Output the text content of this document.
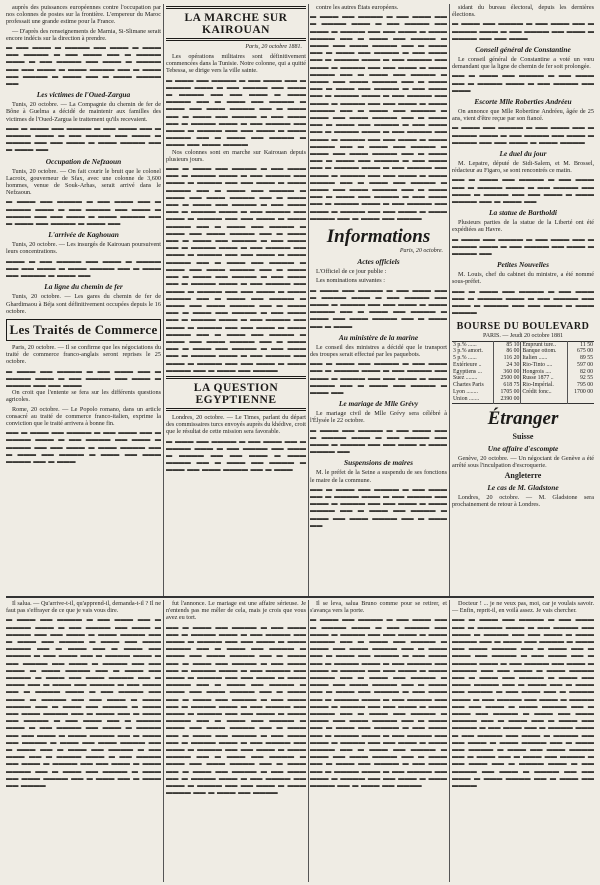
auprès des puissances européennes contre l'occupation par nos colonnes de postes sur la frontière. L'empereur du Maroc professait une grande estime pour la France.

— D'après des renseignements de Marnia, Si-Slimane serait encore indécis sur la direction à prendre.

▬ ▬▬ ▬▬▬ ▬ ▬▬▬▬ ▬▬ ▬▬▬ ▬ ▬▬▬ ▬▬ ▬▬▬▬ ▬ ▬▬ ▬▬▬ ▬▬ ▬ ▬▬▬▬ ▬▬▬ ▬ ▬▬ ▬▬▬▬ ▬▬ ▬▬▬ ▬ ▬▬▬▬ ▬▬ ▬▬ ▬▬▬ ▬ ▬▬▬ ▬▬▬▬ ▬▬ ▬ ▬▬▬ ▬▬ ▬▬▬▬ ▬ ▬▬▬ ▬▬ ▬ ▬▬▬ ▬▬▬▬ ▬▬
Les victimes de l'Oued-Zargua

Tunis, 20 octobre. — La Compagnie du chemin de fer de Bône à Guelma a décidé de maintenir aux familles des victimes de l'Oued-Zargua le traitement qu'ils recevaient.

▬▬ ▬ ▬▬▬ ▬▬ ▬▬▬▬ ▬ ▬▬ ▬▬▬ ▬▬ ▬ ▬▬▬▬ ▬▬▬ ▬ ▬▬ ▬▬▬▬ ▬▬ ▬▬▬ ▬ ▬▬▬▬ ▬▬ ▬▬ ▬▬▬ ▬ ▬▬▬ ▬▬▬▬ ▬▬ ▬ ▬▬▬ ▬▬
Occupation de Nefzaoun

Tunis, 20 octobre. — On fait courir le bruit que le colonel Lacroix, gouverneur de Sfax, avec une colonne de 3,600 hommes, venue de Souk-Arhas, serait arrivé dans le Nefzaoun.

▬ ▬▬▬ ▬▬ ▬▬▬▬ ▬ ▬▬ ▬▬▬ ▬▬ ▬ ▬▬▬▬ ▬▬▬ ▬ ▬▬ ▬▬▬▬ ▬▬ ▬▬▬ ▬ ▬▬▬▬ ▬▬ ▬▬ ▬▬▬ ▬ ▬▬▬ ▬▬▬▬ ▬▬ ▬ ▬▬▬ ▬▬ ▬▬▬▬ ▬ ▬▬▬ ▬▬
L'arrivée de Kaghouan

Tunis, 20 octobre. — Les insurgés de Kairouan poursuivent leurs concentrations.

▬▬▬ ▬ ▬▬ ▬▬▬▬ ▬▬ ▬▬▬ ▬ ▬▬▬▬ ▬▬ ▬▬ ▬▬▬ ▬ ▬▬▬ ▬▬▬▬ ▬▬ ▬ ▬▬▬ ▬▬ ▬▬▬▬ ▬ ▬▬▬ ▬▬
La ligne du chemin de fer

Tunis, 20 octobre. — Les gares du chemin de fer de Ghardimaou à Béja sont définitivement occupées depuis le 16 octobre.

Les Traités de Commerce

Paris, 20 octobre. — Il se confirme que les négociations du traité de commerce franco-anglais seront reprises le 25 octobre.

▬ ▬▬▬ ▬▬ ▬▬▬▬ ▬ ▬▬ ▬▬▬ ▬▬ ▬ ▬▬▬▬ ▬▬▬ ▬ ▬▬ ▬▬▬▬ ▬▬ ▬▬▬ ▬ ▬▬▬▬ ▬▬ ▬▬ ▬▬▬

On croit que l'entente se fera sur les différents questions agricoles.

Rome, 20 octobre. — Le Popolo romano, dans un article consacré au traité de commerce franco-italien, exprime la conviction que le traité arrivera à bonne fin.

▬▬ ▬ ▬▬▬ ▬▬ ▬▬▬▬ ▬ ▬▬ ▬▬▬ ▬▬ ▬ ▬▬▬▬ ▬▬▬ ▬ ▬▬ ▬▬▬▬ ▬▬ ▬▬▬ ▬ ▬▬▬▬ ▬▬ ▬▬ ▬▬▬ ▬ ▬▬▬ ▬▬▬▬ ▬▬ ▬ ▬▬▬ ▬▬ ▬▬▬▬ ▬ ▬▬▬ ▬▬ ▬▬▬ ▬▬▬▬ ▬▬ ▬ ▬▬▬
LA MARCHE SUR KAIROUAN
Paris, 20 octobre 1881.

Les opérations militaires sont définitivement commencées dans la Tunisie. Notre colonne, qui a quitté Tebessa, se dirige vers la ville sainte.

▬ ▬▬▬ ▬▬ ▬▬▬▬ ▬ ▬▬ ▬▬▬ ▬▬ ▬ ▬▬▬▬ ▬▬▬ ▬ ▬▬ ▬▬▬▬ ▬▬ ▬▬▬ ▬ ▬▬▬▬ ▬▬ ▬▬ ▬▬▬ ▬ ▬▬▬ ▬▬▬▬ ▬▬ ▬ ▬▬▬ ▬▬ ▬▬▬▬ ▬ ▬▬▬ ▬▬ ▬▬▬ ▬▬▬▬ ▬▬ ▬ ▬▬▬ ▬▬ ▬ ▬▬▬ ▬▬ ▬▬▬▬ ▬ ▬▬ ▬▬▬ ▬▬ ▬ ▬▬▬▬ ▬▬▬ ▬ ▬▬ ▬▬▬▬ ▬▬ ▬▬▬ ▬ ▬▬▬▬ ▬▬ ▬▬ ▬▬▬ ▬ ▬▬▬ ▬▬▬▬ ▬▬ ▬ ▬▬▬ ▬▬ ▬▬▬▬ ▬ ▬▬▬ ▬▬ ▬▬▬ ▬▬▬▬

Nos colonnes sont en marche sur Kairouan depuis plusieurs jours.

▬▬ ▬ ▬▬▬ ▬▬ ▬▬▬▬ ▬ ▬▬ ▬▬▬ ▬▬ ▬ ▬▬▬▬ ▬▬▬ ▬ ▬▬ ▬▬▬▬ ▬▬ ▬▬▬ ▬ ▬▬▬▬ ▬▬ ▬▬ ▬▬▬ ▬ ▬▬▬ ▬▬▬▬ ▬▬ ▬ ▬▬▬ ▬▬ ▬▬▬▬ ▬ ▬▬▬ ▬▬ ▬▬▬ ▬▬▬▬ ▬▬ ▬ ▬▬▬ ▬▬ ▬ ▬▬▬ ▬▬ ▬▬▬▬ ▬ ▬▬ ▬▬▬ ▬▬ ▬ ▬▬▬▬ ▬▬▬ ▬ ▬▬ ▬▬▬▬ ▬▬ ▬▬▬ ▬ ▬▬▬▬ ▬▬ ▬▬ ▬▬▬ ▬ ▬▬▬ ▬▬▬▬ ▬▬ ▬ ▬▬▬ ▬▬ ▬▬▬▬ ▬ ▬▬▬ ▬▬ ▬▬▬ ▬▬▬▬ ▬▬ ▬ ▬▬▬ ▬▬ ▬ ▬▬▬ ▬▬ ▬▬▬▬ ▬ ▬▬ ▬▬▬ ▬▬ ▬ ▬▬▬▬ ▬▬▬ ▬ ▬▬ ▬▬▬▬ ▬▬ ▬▬▬ ▬ ▬▬▬▬ ▬▬ ▬▬ ▬▬▬ ▬ ▬▬▬ ▬▬▬▬ ▬▬ ▬ ▬▬▬ ▬▬ ▬▬▬▬ ▬ ▬▬▬ ▬▬ ▬▬▬ ▬▬▬▬ ▬▬ ▬ ▬▬▬ ▬▬ ▬ ▬▬▬ ▬▬ ▬▬▬▬ ▬ ▬▬ ▬▬▬ ▬▬ ▬ ▬▬▬▬ ▬▬▬ ▬ ▬▬ ▬▬▬▬ ▬▬ ▬▬▬ ▬ ▬▬▬▬ ▬▬ ▬▬ ▬▬▬ ▬ ▬▬▬ ▬▬▬▬ ▬▬ ▬ ▬▬▬ ▬▬ ▬▬▬▬ ▬ ▬▬▬ ▬▬ ▬▬▬ ▬▬▬▬ ▬▬ ▬ ▬▬▬ ▬▬ ▬ ▬▬▬ ▬▬ ▬▬▬▬ ▬ ▬▬ ▬▬▬ ▬▬ ▬ ▬▬▬▬ ▬▬▬ ▬ ▬▬ ▬▬▬▬ ▬▬ ▬▬▬ ▬ ▬▬▬▬ ▬▬ ▬▬ ▬▬▬ ▬ ▬▬▬ ▬▬▬▬ ▬▬ ▬ ▬▬▬ ▬▬ ▬▬▬▬ ▬ ▬▬▬ ▬▬ ▬▬▬ ▬▬▬▬ ▬▬ ▬ ▬▬▬ ▬▬ ▬ ▬▬▬ ▬▬ ▬▬▬▬ ▬ ▬▬ ▬▬▬ ▬▬ ▬ ▬▬▬▬ ▬▬▬ ▬ ▬▬ ▬▬▬▬ ▬▬ ▬▬▬ ▬ ▬▬▬▬ ▬▬ ▬▬ ▬▬▬ ▬ ▬▬▬ ▬▬▬▬ ▬▬ ▬ ▬▬▬ ▬▬ ▬▬▬▬
LA QUESTION EGYPTIENNE

Londres, 20 octobre. — Le Times, parlant du départ des commissaires turcs envoyés auprès du khédive, croit que le résultat de cette mission sera favorable.

▬ ▬▬▬ ▬▬ ▬▬▬▬ ▬ ▬▬ ▬▬▬ ▬▬ ▬ ▬▬▬▬ ▬▬▬ ▬ ▬▬ ▬▬▬▬ ▬▬ ▬▬▬ ▬ ▬▬▬▬ ▬▬ ▬▬ ▬▬▬ ▬ ▬▬▬ ▬▬▬▬ ▬▬ ▬ ▬▬▬ ▬▬ ▬▬▬▬ ▬ ▬▬▬ ▬▬ ▬▬▬ ▬▬▬▬ ▬▬ ▬ ▬▬▬

contre les autres États européens.

▬ ▬▬▬ ▬▬ ▬▬▬▬ ▬ ▬▬ ▬▬▬ ▬▬ ▬ ▬▬▬▬ ▬▬▬ ▬ ▬▬ ▬▬▬▬ ▬▬ ▬▬▬ ▬ ▬▬▬▬ ▬▬ ▬▬ ▬▬▬ ▬ ▬▬▬ ▬▬▬▬ ▬▬ ▬ ▬▬▬ ▬▬ ▬▬▬▬ ▬ ▬▬▬ ▬▬ ▬▬▬ ▬▬▬▬ ▬▬ ▬ ▬▬▬ ▬▬ ▬ ▬▬▬ ▬▬ ▬▬▬▬ ▬ ▬▬ ▬▬▬ ▬▬ ▬ ▬▬▬▬ ▬▬▬ ▬ ▬▬ ▬▬▬▬ ▬▬ ▬▬▬ ▬ ▬▬▬▬ ▬▬ ▬▬ ▬▬▬ ▬ ▬▬▬ ▬▬▬▬ ▬▬ ▬ ▬▬▬ ▬▬ ▬▬▬▬ ▬ ▬▬▬ ▬▬ ▬▬▬ ▬▬▬▬ ▬▬ ▬ ▬▬▬ ▬▬ ▬ ▬▬▬ ▬▬ ▬▬▬▬ ▬ ▬▬ ▬▬▬ ▬▬ ▬ ▬▬▬▬ ▬▬▬ ▬ ▬▬ ▬▬▬▬ ▬▬ ▬▬▬ ▬ ▬▬▬▬ ▬▬ ▬▬ ▬▬▬ ▬ ▬▬▬ ▬▬▬▬ ▬▬ ▬ ▬▬▬ ▬▬ ▬▬▬▬ ▬ ▬▬▬ ▬▬ ▬▬▬ ▬▬▬▬ ▬▬ ▬ ▬▬▬ ▬▬ ▬ ▬▬▬ ▬▬ ▬▬▬▬ ▬ ▬▬ ▬▬▬ ▬▬ ▬ ▬▬▬▬ ▬▬▬ ▬ ▬▬ ▬▬▬▬ ▬▬ ▬▬▬ ▬ ▬▬▬▬ ▬▬ ▬▬ ▬▬▬ ▬ ▬▬▬ ▬▬▬▬ ▬▬ ▬ ▬▬▬ ▬▬ ▬▬▬▬ ▬ ▬▬▬ ▬▬ ▬▬▬ ▬▬▬▬ ▬▬ ▬ ▬▬▬ ▬▬ ▬ ▬▬▬ ▬▬ ▬▬▬▬ ▬ ▬▬ ▬▬▬ ▬▬ ▬ ▬▬▬▬ ▬▬▬ ▬ ▬▬ ▬▬▬▬ ▬▬ ▬▬▬ ▬ ▬▬▬▬ ▬▬ ▬▬ ▬▬▬ ▬ ▬▬▬ ▬▬▬▬ ▬▬ ▬ ▬▬▬ ▬▬ ▬▬▬▬ ▬ ▬▬▬ ▬▬ ▬▬▬ ▬▬▬▬ ▬▬ ▬ ▬▬▬ ▬▬ ▬ ▬▬▬ ▬▬ ▬▬▬▬ ▬ ▬▬ ▬▬▬ ▬▬ ▬ ▬▬▬▬ ▬▬▬ ▬ ▬▬ ▬▬▬▬ ▬▬ ▬▬▬ ▬ ▬▬▬▬ ▬▬ ▬▬ ▬▬▬ ▬ ▬▬▬ ▬▬▬▬ ▬▬ ▬ ▬▬▬ ▬▬ ▬▬▬▬
Informations
Paris, 20 octobre.
Actes officiels

L'Officiel de ce jour publie :

Les nominations suivantes :

▬ ▬▬▬ ▬▬ ▬▬▬▬ ▬ ▬▬ ▬▬▬ ▬▬ ▬ ▬▬▬▬ ▬▬▬ ▬ ▬▬ ▬▬▬▬ ▬▬ ▬▬▬ ▬ ▬▬▬▬ ▬▬ ▬▬ ▬▬▬ ▬ ▬▬▬ ▬▬▬▬ ▬▬ ▬ ▬▬▬ ▬▬ ▬▬▬▬ ▬ ▬▬▬ ▬▬ ▬▬▬ ▬▬▬▬ ▬▬ ▬ ▬▬▬ ▬▬ ▬ ▬▬▬
Au ministère de la marine

Le conseil des ministres a décidé que le transport des troupes serait effectué par les paquebots.

▬▬ ▬ ▬▬▬ ▬▬ ▬▬▬▬ ▬ ▬▬ ▬▬▬ ▬▬ ▬ ▬▬▬▬ ▬▬▬ ▬ ▬▬ ▬▬▬▬ ▬▬ ▬▬▬ ▬ ▬▬▬▬ ▬▬ ▬▬ ▬▬▬ ▬ ▬▬▬ ▬▬▬▬ ▬▬ ▬ ▬▬▬ ▬▬ ▬▬▬▬ ▬ ▬▬▬ ▬▬
Le mariage de Mlle Grévy

Le mariage civil de Mlle Grévy sera célébré à l'Élysée le 22 octobre.

▬ ▬▬▬ ▬▬ ▬▬▬▬ ▬ ▬▬ ▬▬▬ ▬▬ ▬ ▬▬▬▬ ▬▬▬ ▬ ▬▬ ▬▬▬▬ ▬▬ ▬▬▬ ▬ ▬▬▬▬ ▬▬ ▬▬ ▬▬▬ ▬ ▬▬▬ ▬▬▬▬ ▬▬
Suspensions de maires

M. le préfet de la Seine a suspendu de ses fonctions le maire de la commune.

▬▬ ▬ ▬▬▬ ▬▬ ▬▬▬▬ ▬ ▬▬ ▬▬▬ ▬▬ ▬ ▬▬▬▬ ▬▬▬ ▬ ▬▬ ▬▬▬▬ ▬▬ ▬▬▬ ▬ ▬▬▬▬ ▬▬ ▬▬ ▬▬▬ ▬ ▬▬▬ ▬▬▬▬ ▬▬ ▬ ▬▬▬ ▬▬ ▬▬▬▬ ▬ ▬▬▬ ▬▬ ▬▬▬ ▬▬▬▬ ▬▬ ▬ ▬▬▬ ▬▬

sidant du bureau électoral, depuis les dernières élections.

▬ ▬▬▬ ▬▬ ▬▬▬▬ ▬ ▬▬ ▬▬▬ ▬▬ ▬ ▬▬▬▬ ▬▬▬ ▬ ▬▬ ▬▬▬▬ ▬▬ ▬▬▬ ▬ ▬▬▬▬ ▬▬ ▬▬ ▬▬▬
Conseil général de Constantine

Le conseil général de Constantine a voté un vœu demandant que la ligne de chemin de fer soit prolongée.

▬▬ ▬ ▬▬▬ ▬▬ ▬▬▬▬ ▬ ▬▬ ▬▬▬ ▬▬ ▬ ▬▬▬▬ ▬▬▬ ▬ ▬▬ ▬▬▬▬ ▬▬ ▬▬▬
Escorte Mlle Roberties Andréeu

On annonce que Mlle Robertine Andréeu, âgée de 25 ans, vient d'être reçue par son fiancé.

▬ ▬▬▬ ▬▬ ▬▬▬▬ ▬ ▬▬ ▬▬▬ ▬▬ ▬ ▬▬▬▬ ▬▬▬ ▬ ▬▬ ▬▬▬▬ ▬▬ ▬▬▬ ▬ ▬▬▬▬ ▬▬ ▬▬ ▬▬▬ ▬ ▬▬▬ ▬▬▬▬
Le duel du jour

M. Lepatre, député de Sidi-Salem, et M. Brossel, rédacteur au Figaro, se sont rencontrés ce matin.

▬▬ ▬ ▬▬▬ ▬▬ ▬▬▬▬ ▬ ▬▬ ▬▬▬ ▬▬ ▬ ▬▬▬▬ ▬▬▬ ▬ ▬▬ ▬▬▬▬ ▬▬ ▬▬▬ ▬ ▬▬▬▬ ▬▬ ▬▬ ▬▬▬ ▬ ▬▬▬ ▬▬▬▬ ▬▬ ▬ ▬▬▬ ▬▬
La statue de Bartholdi

Plusieurs parties de la statue de la Liberté ont été expédiées au Havre.

▬ ▬▬▬ ▬▬ ▬▬▬▬ ▬ ▬▬ ▬▬▬ ▬▬ ▬ ▬▬▬▬ ▬▬▬ ▬ ▬▬ ▬▬▬▬ ▬▬ ▬▬▬ ▬ ▬▬▬▬ ▬▬
Petites Nouvelles

M. Louis, chef du cabinet du ministre, a été nommé sous-préfet.

▬▬ ▬ ▬▬▬ ▬▬ ▬▬▬▬ ▬ ▬▬ ▬▬▬ ▬▬ ▬ ▬▬▬▬ ▬▬▬ ▬ ▬▬ ▬▬▬▬ ▬▬ ▬▬▬ ▬ ▬▬▬▬ ▬▬ ▬▬ ▬▬▬ ▬ ▬▬▬ ▬▬▬▬
BOURSE DU BOULEVARD
PARIS. — Jeudi 20 octobre 1881
3 p.% ......	85 10	Emprunt ture..	11 50
3 p.% amort.	86 00	Banque ottom.	675 00
5 p.% ......	116 20	Italien ......	89 55
Extérieure ..	24 30	Rio-Tinto ....	597 00
Egyptiens ...	360 00	Hongrois ....	82 00
Suez ........	2500 00	Russe 1877 ..	92 55
Chartes Paris	618 75	Rio-Impérial.	795 00
Lyon ........	1705 00	Crédit fonc..	1700 00
Union .......	2390 00		
Étranger
Suisse
Une affaire d'escompte

Genève, 20 octobre. — Un négociant de Genève a été arrêté sous l'inculpation d'escroquerie.

Angleterre
Le cas de M. Gladstone

Londres, 20 octobre. — M. Gladstone sera prochainement de retour à Londres.

Il salua. — Qu'arrive-t-il, qu'apprend-il, demanda-t-il ? Il ne faut pas s'effrayer de ce que je vais vous dire.

▬ ▬▬▬ ▬▬ ▬▬▬▬ ▬ ▬▬ ▬▬▬ ▬▬ ▬ ▬▬▬▬ ▬▬▬ ▬ ▬▬ ▬▬▬▬ ▬▬ ▬▬▬ ▬ ▬▬▬▬ ▬▬ ▬▬ ▬▬▬ ▬ ▬▬▬ ▬▬▬▬ ▬▬ ▬ ▬▬▬ ▬▬ ▬▬▬▬ ▬ ▬▬▬ ▬▬ ▬▬▬ ▬▬▬▬ ▬▬ ▬ ▬▬▬ ▬▬ ▬ ▬▬▬ ▬▬ ▬▬▬▬ ▬ ▬▬ ▬▬▬ ▬▬ ▬ ▬▬▬▬ ▬▬▬ ▬ ▬▬ ▬▬▬▬ ▬▬ ▬▬▬ ▬ ▬▬▬▬ ▬▬ ▬▬ ▬▬▬ ▬ ▬▬▬ ▬▬▬▬ ▬▬ ▬ ▬▬▬ ▬▬ ▬▬▬▬ ▬ ▬▬▬ ▬▬ ▬▬▬ ▬▬▬▬ ▬▬ ▬ ▬▬▬ ▬▬ ▬ ▬▬▬ ▬▬ ▬▬▬▬ ▬ ▬▬ ▬▬▬ ▬▬ ▬ ▬▬▬▬ ▬▬▬ ▬ ▬▬ ▬▬▬▬ ▬▬ ▬▬▬ ▬ ▬▬▬▬ ▬▬ ▬▬ ▬▬▬ ▬ ▬▬▬ ▬▬▬▬ ▬▬ ▬ ▬▬▬ ▬▬ ▬▬▬▬ ▬ ▬▬▬ ▬▬ ▬▬▬ ▬▬▬▬ ▬▬ ▬ ▬▬▬ ▬▬ ▬ ▬▬▬ ▬▬ ▬▬▬▬ ▬ ▬▬ ▬▬▬ ▬▬ ▬ ▬▬▬▬ ▬▬▬ ▬ ▬▬ ▬▬▬▬ ▬▬ ▬▬▬ ▬ ▬▬▬▬ ▬▬ ▬▬ ▬▬▬ ▬ ▬▬▬ ▬▬▬▬ ▬▬ ▬ ▬▬▬ ▬▬ ▬▬▬▬ ▬ ▬▬▬ ▬▬ ▬▬▬ ▬▬▬▬ ▬▬ ▬ ▬▬▬ ▬▬ ▬ ▬▬▬ ▬▬ ▬▬▬▬ ▬ ▬▬ ▬▬▬ ▬▬ ▬ ▬▬▬▬ ▬▬▬ ▬ ▬▬ ▬▬▬▬ ▬▬ ▬▬▬ ▬ ▬▬▬▬ ▬▬ ▬▬ ▬▬▬ ▬ ▬▬▬ ▬▬▬▬ ▬▬ ▬ ▬▬▬ ▬▬ ▬▬▬▬ ▬ ▬▬▬ ▬▬ ▬▬▬ ▬▬▬▬ ▬▬ ▬ ▬▬▬ ▬▬ ▬ ▬▬▬ ▬▬ ▬▬▬▬

fut l'annonce. Le mariage est une affaire sérieuse. Je n'entends pas me mêler de cela, mais je crois que vous avez eu tort.

▬▬ ▬ ▬▬▬ ▬▬ ▬▬▬▬ ▬ ▬▬ ▬▬▬ ▬▬ ▬ ▬▬▬▬ ▬▬▬ ▬ ▬▬ ▬▬▬▬ ▬▬ ▬▬▬ ▬ ▬▬▬▬ ▬▬ ▬▬ ▬▬▬ ▬ ▬▬▬ ▬▬▬▬ ▬▬ ▬ ▬▬▬ ▬▬ ▬▬▬▬ ▬ ▬▬▬ ▬▬ ▬▬▬ ▬▬▬▬ ▬▬ ▬ ▬▬▬ ▬▬ ▬ ▬▬▬ ▬▬ ▬▬▬▬ ▬ ▬▬ ▬▬▬ ▬▬ ▬ ▬▬▬▬ ▬▬▬ ▬ ▬▬ ▬▬▬▬ ▬▬ ▬▬▬ ▬ ▬▬▬▬ ▬▬ ▬▬ ▬▬▬ ▬ ▬▬▬ ▬▬▬▬ ▬▬ ▬ ▬▬▬ ▬▬ ▬▬▬▬ ▬ ▬▬▬ ▬▬ ▬▬▬ ▬▬▬▬ ▬▬ ▬ ▬▬▬ ▬▬ ▬ ▬▬▬ ▬▬ ▬▬▬▬ ▬ ▬▬ ▬▬▬ ▬▬ ▬ ▬▬▬▬ ▬▬▬ ▬ ▬▬ ▬▬▬▬ ▬▬ ▬▬▬ ▬ ▬▬▬▬ ▬▬ ▬▬ ▬▬▬ ▬ ▬▬▬ ▬▬▬▬ ▬▬ ▬ ▬▬▬ ▬▬ ▬▬▬▬ ▬ ▬▬▬ ▬▬ ▬▬▬ ▬▬▬▬ ▬▬ ▬ ▬▬▬ ▬▬ ▬ ▬▬▬ ▬▬ ▬▬▬▬ ▬ ▬▬ ▬▬▬ ▬▬ ▬ ▬▬▬▬ ▬▬▬ ▬ ▬▬ ▬▬▬▬ ▬▬ ▬▬▬ ▬ ▬▬▬▬ ▬▬ ▬▬ ▬▬▬ ▬ ▬▬▬ ▬▬▬▬ ▬▬ ▬ ▬▬▬ ▬▬ ▬▬▬▬ ▬ ▬▬▬ ▬▬ ▬▬▬ ▬▬▬▬ ▬▬ ▬ ▬▬▬ ▬▬ ▬ ▬▬▬ ▬▬ ▬▬▬▬ ▬ ▬▬ ▬▬▬ ▬▬ ▬ ▬▬▬▬ ▬▬▬ ▬ ▬▬ ▬▬▬▬ ▬▬ ▬▬▬ ▬ ▬▬▬▬ ▬▬ ▬▬ ▬▬▬ ▬ ▬▬▬ ▬▬▬▬ ▬▬ ▬ ▬▬▬ ▬▬ ▬▬▬▬

Il se leva, salua Bruno comme pour se retirer, et s'avança vers la porte.

▬ ▬▬▬ ▬▬ ▬▬▬▬ ▬ ▬▬ ▬▬▬ ▬▬ ▬ ▬▬▬▬ ▬▬▬ ▬ ▬▬ ▬▬▬▬ ▬▬ ▬▬▬ ▬ ▬▬▬▬ ▬▬ ▬▬ ▬▬▬ ▬ ▬▬▬ ▬▬▬▬ ▬▬ ▬ ▬▬▬ ▬▬ ▬▬▬▬ ▬ ▬▬▬ ▬▬ ▬▬▬ ▬▬▬▬ ▬▬ ▬ ▬▬▬ ▬▬ ▬ ▬▬▬ ▬▬ ▬▬▬▬ ▬ ▬▬ ▬▬▬ ▬▬ ▬ ▬▬▬▬ ▬▬▬ ▬ ▬▬ ▬▬▬▬ ▬▬ ▬▬▬ ▬ ▬▬▬▬ ▬▬ ▬▬ ▬▬▬ ▬ ▬▬▬ ▬▬▬▬ ▬▬ ▬ ▬▬▬ ▬▬ ▬▬▬▬ ▬ ▬▬▬ ▬▬ ▬▬▬ ▬▬▬▬ ▬▬ ▬ ▬▬▬ ▬▬ ▬ ▬▬▬ ▬▬ ▬▬▬▬ ▬ ▬▬ ▬▬▬ ▬▬ ▬ ▬▬▬▬ ▬▬▬ ▬ ▬▬ ▬▬▬▬ ▬▬ ▬▬▬ ▬ ▬▬▬▬ ▬▬ ▬▬ ▬▬▬ ▬ ▬▬▬ ▬▬▬▬ ▬▬ ▬ ▬▬▬ ▬▬ ▬▬▬▬ ▬ ▬▬▬ ▬▬ ▬▬▬ ▬▬▬▬ ▬▬ ▬ ▬▬▬ ▬▬ ▬ ▬▬▬ ▬▬ ▬▬▬▬ ▬ ▬▬ ▬▬▬ ▬▬ ▬ ▬▬▬▬ ▬▬▬ ▬ ▬▬ ▬▬▬▬ ▬▬ ▬▬▬ ▬ ▬▬▬▬ ▬▬ ▬▬ ▬▬▬ ▬ ▬▬▬ ▬▬▬▬ ▬▬ ▬ ▬▬▬ ▬▬ ▬▬▬▬ ▬ ▬▬▬ ▬▬ ▬▬▬ ▬▬▬▬ ▬▬ ▬ ▬▬▬ ▬▬ ▬ ▬▬▬ ▬▬ ▬▬▬▬ ▬ ▬▬ ▬▬▬ ▬▬ ▬ ▬▬▬▬ ▬▬▬ ▬ ▬▬ ▬▬▬▬ ▬▬ ▬▬▬ ▬ ▬▬▬▬ ▬▬ ▬▬ ▬▬▬ ▬ ▬▬▬ ▬▬▬▬ ▬▬ ▬ ▬▬▬ ▬▬ ▬▬▬▬

Docteur ! ... je ne veux pas, moi, car je voulais savoir. — Enfin, reprit-il, en voilà assez. Je vais chercher.

▬▬ ▬ ▬▬▬ ▬▬ ▬▬▬▬ ▬ ▬▬ ▬▬▬ ▬▬ ▬ ▬▬▬▬ ▬▬▬ ▬ ▬▬ ▬▬▬▬ ▬▬ ▬▬▬ ▬ ▬▬▬▬ ▬▬ ▬▬ ▬▬▬ ▬ ▬▬▬ ▬▬▬▬ ▬▬ ▬ ▬▬▬ ▬▬ ▬▬▬▬ ▬ ▬▬▬ ▬▬ ▬▬▬ ▬▬▬▬ ▬▬ ▬ ▬▬▬ ▬▬ ▬ ▬▬▬ ▬▬ ▬▬▬▬ ▬ ▬▬ ▬▬▬ ▬▬ ▬ ▬▬▬▬ ▬▬▬ ▬ ▬▬ ▬▬▬▬ ▬▬ ▬▬▬ ▬ ▬▬▬▬ ▬▬ ▬▬ ▬▬▬ ▬ ▬▬▬ ▬▬▬▬ ▬▬ ▬ ▬▬▬ ▬▬ ▬▬▬▬ ▬ ▬▬▬ ▬▬ ▬▬▬ ▬▬▬▬ ▬▬ ▬ ▬▬▬ ▬▬ ▬ ▬▬▬ ▬▬ ▬▬▬▬ ▬ ▬▬ ▬▬▬ ▬▬ ▬ ▬▬▬▬ ▬▬▬ ▬ ▬▬ ▬▬▬▬ ▬▬ ▬▬▬ ▬ ▬▬▬▬ ▬▬ ▬▬ ▬▬▬ ▬ ▬▬▬ ▬▬▬▬ ▬▬ ▬ ▬▬▬ ▬▬ ▬▬▬▬ ▬ ▬▬▬ ▬▬ ▬▬▬ ▬▬▬▬ ▬▬ ▬ ▬▬▬ ▬▬ ▬ ▬▬▬ ▬▬ ▬▬▬▬ ▬ ▬▬ ▬▬▬ ▬▬ ▬ ▬▬▬▬ ▬▬▬ ▬ ▬▬ ▬▬▬▬ ▬▬ ▬▬▬ ▬ ▬▬▬▬ ▬▬ ▬▬ ▬▬▬ ▬ ▬▬▬ ▬▬▬▬ ▬▬ ▬ ▬▬▬ ▬▬ ▬▬▬▬ ▬ ▬▬▬ ▬▬ ▬▬▬ ▬▬▬▬ ▬▬ ▬ ▬▬▬ ▬▬ ▬ ▬▬▬ ▬▬ ▬▬▬▬ ▬ ▬▬ ▬▬▬ ▬▬ ▬ ▬▬▬▬ ▬▬▬ ▬ ▬▬ ▬▬▬▬ ▬▬ ▬▬▬ ▬ ▬▬▬▬ ▬▬ ▬▬ ▬▬▬ ▬ ▬▬▬ ▬▬▬▬ ▬▬ ▬ ▬▬▬ ▬▬ ▬▬▬▬
